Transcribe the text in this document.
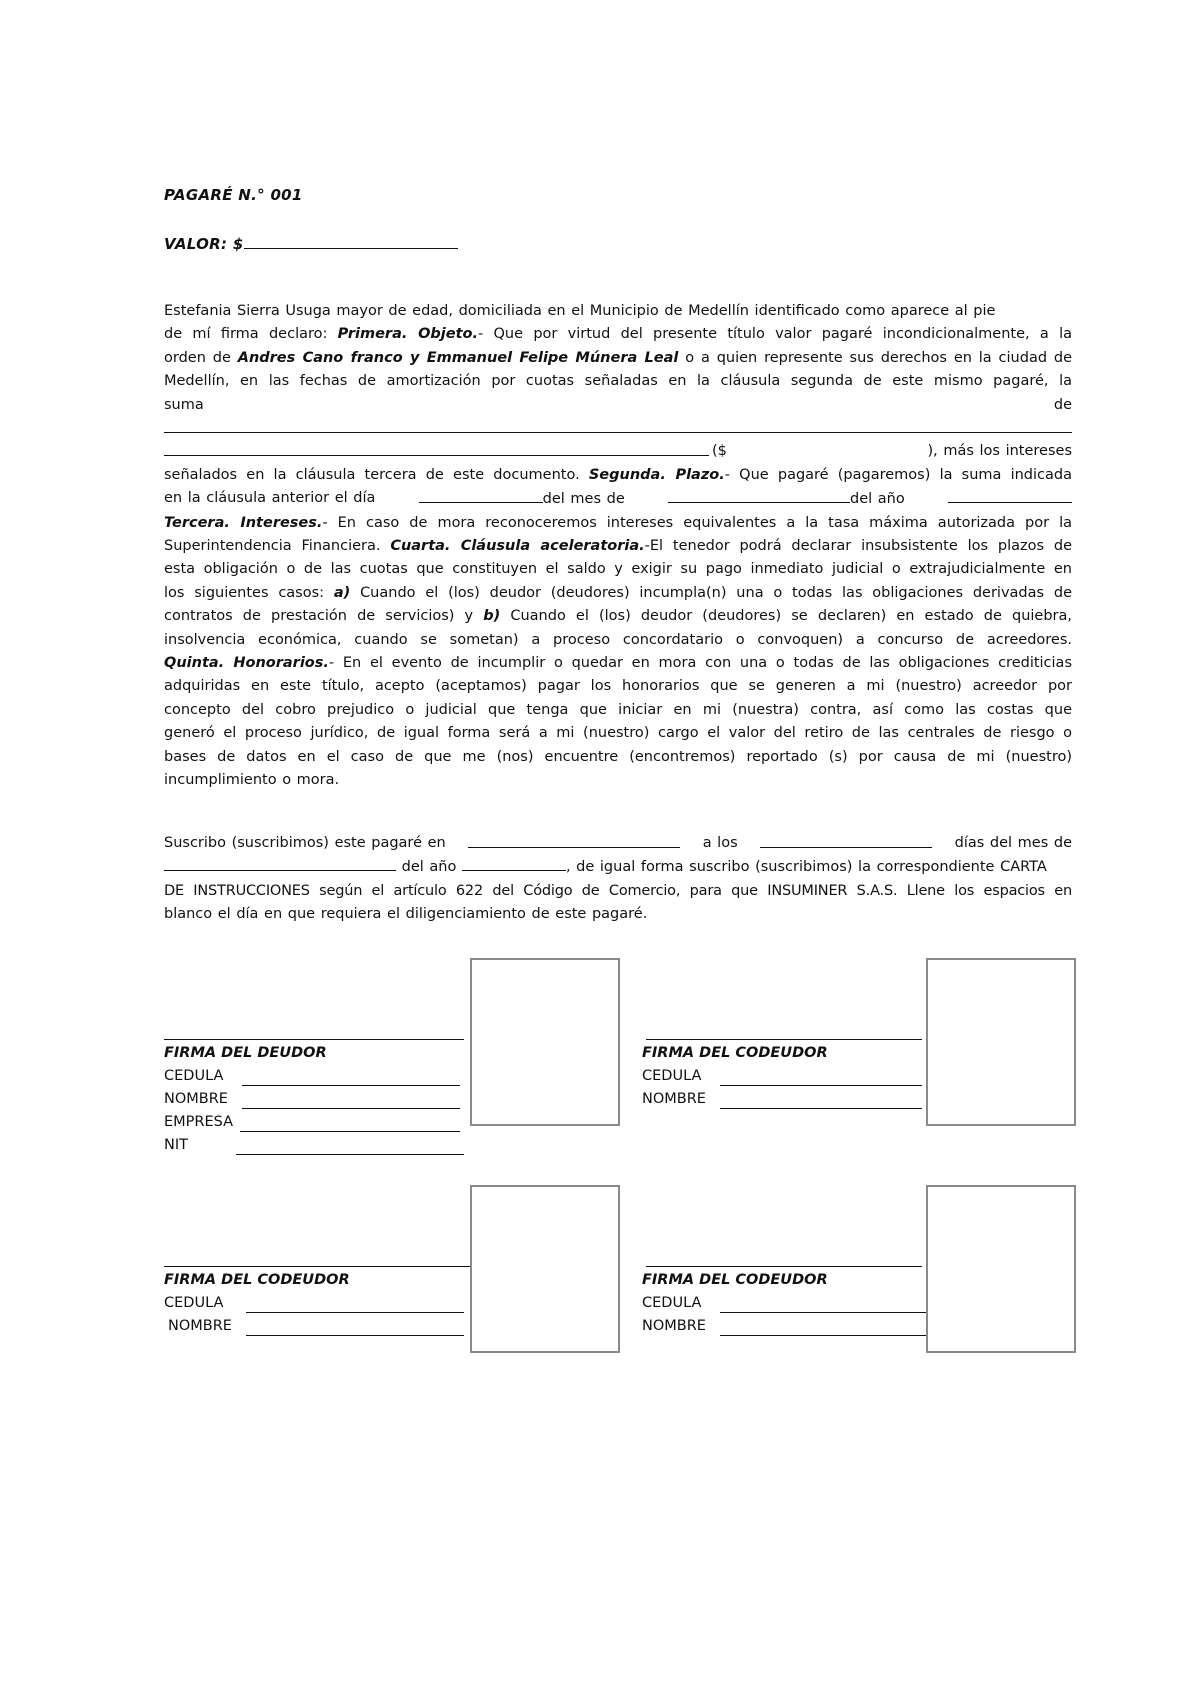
PAGARÉ N.° 001
VALOR: $
Estefania Sierra Usuga mayor de edad, domiciliada en el Municipio de Medellín identificado como aparece al pie
de mí firma declaro: Primera. Objeto.- Que por virtud del presente título valor pagaré incondicionalmente, a la
orden de Andres Cano franco y Emmanuel Felipe Múnera Leal o a quien represente sus derechos en la ciudad de
Medellín, en las fechas de amortización por cuotas señaladas en la cláusula segunda de este mismo pagaré, la
suma	de
($	), más los intereses
señalados en la cláusula tercera de este documento. Segunda. Plazo.- Que pagaré (pagaremos) la suma indicada
en la cláusula anterior el día	del mes de	del año
Tercera. Intereses.- En caso de mora reconoceremos intereses equivalentes a la tasa máxima autorizada por la
Superintendencia Financiera. Cuarta. Cláusula aceleratoria.-El tenedor podrá declarar insubsistente los plazos de
esta obligación o de las cuotas que constituyen el saldo y exigir su pago inmediato judicial o extrajudicialmente en
los siguientes casos: a) Cuando el (los) deudor (deudores) incumpla(n) una o todas las obligaciones derivadas de
contratos de prestación de servicios) y b) Cuando el (los) deudor (deudores) se declaren) en estado de quiebra,
insolvencia económica, cuando se sometan) a proceso concordatario o convoquen) a concurso de acreedores.
Quinta. Honorarios.- En el evento de incumplir o quedar en mora con una o todas de las obligaciones crediticias
adquiridas en este título, acepto (aceptamos) pagar los honorarios que se generen a mi (nuestro) acreedor por
concepto del cobro prejudico o judicial que tenga que iniciar en mi (nuestra) contra, así como las costas que
generó el proceso jurídico, de igual forma será a mi (nuestro) cargo el valor del retiro de las centrales de riesgo o
bases de datos en el caso de que me (nos) encuentre (encontremos) reportado (s) por causa de mi (nuestro)
incumplimiento o mora.
Suscribo (suscribimos) este pagaré en	a los	días del mes de
del año	, de igual forma suscribo (suscribimos) la correspondiente CARTA
DE INSTRUCCIONES según el artículo 622 del Código de Comercio, para que INSUMINER S.A.S. Llene los espacios en
blanco el día en que requiera el diligenciamiento de este pagaré.
FIRMA DEL DEUDOR
CEDULA
NOMBRE
EMPRESA
NIT
FIRMA DEL CODEUDOR
CEDULA
NOMBRE
FIRMA DEL CODEUDOR
CEDULA
NOMBRE
FIRMA DEL CODEUDOR
CEDULA
NOMBRE
